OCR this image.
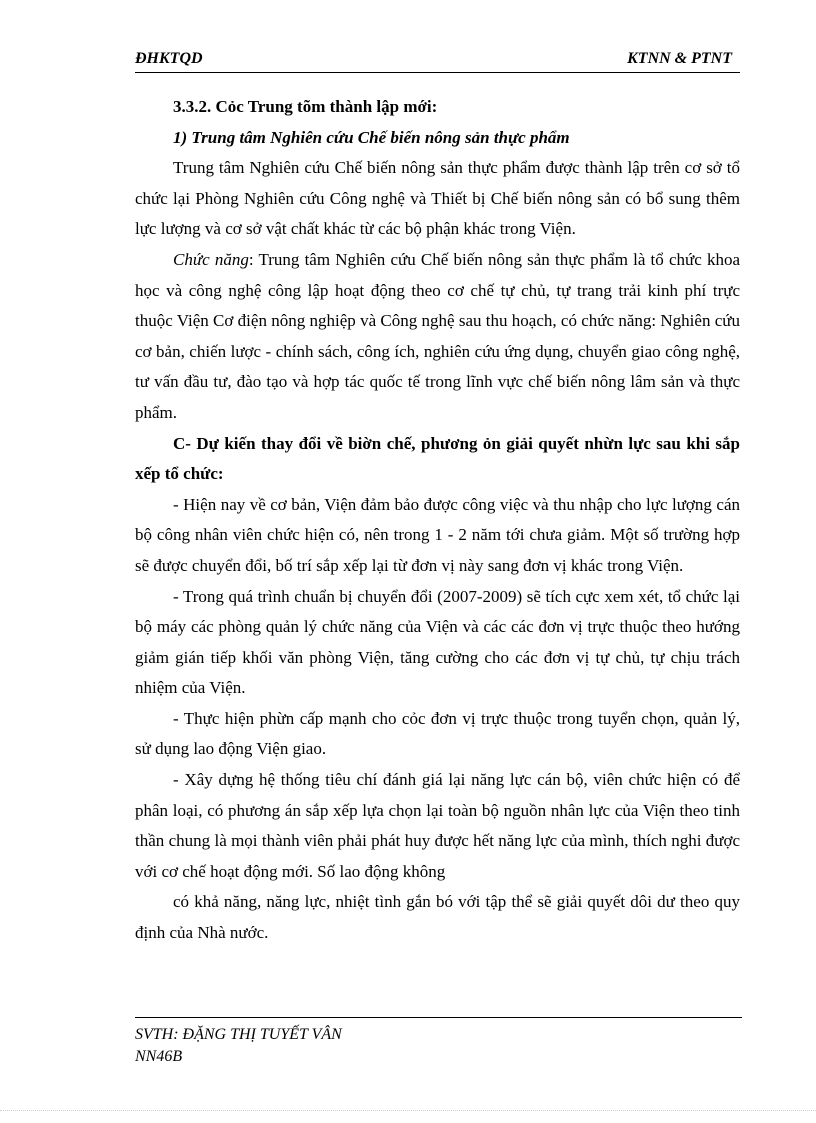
ĐHKTQD	KTNN & PTNT

3.3.2. Cỏc Trung tõm thành lập mới:

1) Trung tâm Nghiên cứu Chế biến nông sản thực phẩm

Trung tâm Nghiên cứu Chế biến nông sản thực phẩm được thành lập trên cơ sở tổ chức lại Phòng Nghiên cứu Công nghệ và Thiết bị Chế biến nông sản có bổ sung thêm lực lượng và cơ sở vật chất khác từ các bộ phận khác trong Viện.

Chức năng: Trung tâm Nghiên cứu Chế biến nông sản thực phẩm là tổ chức khoa học và công nghệ công lập hoạt động theo cơ chế tự chủ, tự trang trải kinh phí trực thuộc Viện Cơ điện nông nghiệp và Công nghệ sau thu hoạch, có chức năng: Nghiên cứu cơ bản, chiến lược - chính sách, công ích, nghiên cứu ứng dụng, chuyển giao công nghệ, tư vấn đầu tư, đào tạo và hợp tác quốc tế trong lĩnh vực chế biến nông lâm sản và thực phẩm.

C- Dự kiến thay đổi về biờn chế, phương ỏn giải quyết nhừn lực sau khi sắp xếp tổ chức:

- Hiện nay về cơ bản, Viện đảm bảo được công việc và thu nhập cho lực lượng cán bộ công nhân viên chức hiện có, nên trong 1 - 2 năm tới chưa giảm. Một số trường hợp sẽ được chuyển đổi, bố trí sắp xếp lại từ đơn vị này sang đơn vị khác trong Viện.

- Trong quá trình chuẩn bị chuyển đổi (2007-2009) sẽ tích cực xem xét, tổ chức lại bộ máy các phòng quản lý chức năng của Viện và các các đơn vị trực thuộc theo hướng giảm gián tiếp khối văn phòng Viện, tăng cường cho các đơn vị tự chủ, tự chịu trách nhiệm của Viện.

- Thực hiện phừn cấp mạnh cho cỏc đơn vị trực thuộc trong tuyển chọn, quản lý, sử dụng lao động Viện giao.

- Xây dựng hệ thống tiêu chí đánh giá lại năng lực cán bộ, viên chức hiện có để phân loại, có phương án sắp xếp lựa chọn lại toàn bộ nguồn nhân lực của Viện theo tinh thần chung là mọi thành viên phải phát huy được hết năng lực của mình, thích nghi được với cơ chế hoạt động mới. Số lao động không

có khả năng, năng lực, nhiệt tình gắn bó với tập thể sẽ giải quyết dôi dư theo quy định của Nhà nước.

SVTH: ĐẶNG THỊ TUYẾT VÂN
NN46B
